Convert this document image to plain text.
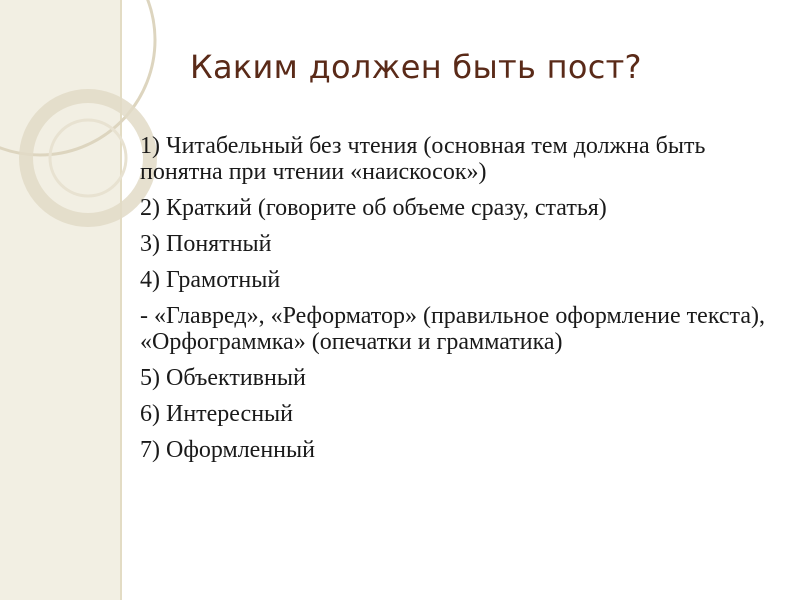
Каким должен быть пост?
1) Читабельный без чтения (основная тем должна быть понятна при чтении «наискосок»)
2) Краткий (говорите об объеме сразу, статья)
3) Понятный
4) Грамотный
- «Главред», «Реформатор» (правильное оформление текста), «Орфограммка» (опечатки и грамматика)
5) Объективный
6) Интересный
7) Оформленный
